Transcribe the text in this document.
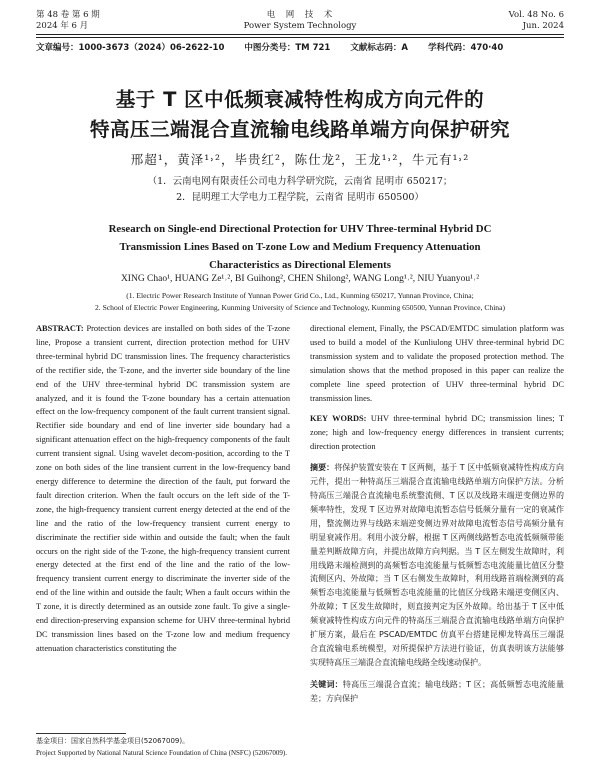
第 48 卷 第 6 期
2024 年 6 月
电　网　技　术
Power System Technology
Vol. 48 No. 6
Jun. 2024
文章编号：1000-3673（2024）06-2622-10 中图分类号：TM 721 文献标志码：A 学科代码：470·40
基于 T 区中低频衰减特性构成方向元件的
特高压三端混合直流输电线路单端方向保护研究
邢超¹，黄泽¹˒²，毕贵红²，陈仕龙²，王龙¹˒²，牛元有¹˒²
（1．云南电网有限责任公司电力科学研究院，云南省 昆明市 650217；
2．昆明理工大学电力工程学院，云南省 昆明市 650500）
Research on Single-end Directional Protection for UHV Three-terminal Hybrid DC
Transmission Lines Based on T-zone Low and Medium Frequency Attenuation
Characteristics as Directional Elements
XING Chao¹, HUANG Ze¹˒², BI Guihong², CHEN Shilong², WANG Long¹˒², NIU Yuanyou¹˒²
(1. Electric Power Research Institute of Yunnan Power Grid Co., Ltd., Kunming 650217, Yunnan Province, China;
2. School of Electric Power Engineering, Kunming University of Science and Technology, Kunming 650500, Yunnan Province, China)

ABSTRACT: Protection devices are installed on both sides of the T-zone line, Propose a transient current, direction protection method for UHV three-terminal hybrid DC transmission lines. The frequency characteristics of the rectifier side, the T-zone, and the inverter side boundary of the line end of the UHV three-terminal hybrid DC transmission system are analyzed, and it is found the T-zone boundary has a certain attenuation effect on the low-frequency component of the fault current transient signal. Rectifier side boundary and end of line inverter side boundary had a significant attenuation effect on the high-frequency components of the fault current transient signal. Using wavelet decom-position, according to the T zone on both sides of the line transient current in the low-frequency band energy difference to determine the direction of the fault, put forward the fault direction criterion. When the fault occurs on the left side of the T-zone, the high-frequency transient current energy detected at the end of the line and the ratio of the low-frequency transient current energy to discriminate the rectifier side within and outside the fault; when the fault occurs on the right side of the T-zone, the high-frequency transient current energy detected at the first end of the line and the ratio of the low-frequency transient current energy to discriminate the inverter side of the end of the line within and outside the fault; When a fault occurs within the T zone, it is directly determined as an outside zone fault. To give a single-end direction-preserving expansion scheme for UHV three-terminal hybrid DC transmission lines based on the T-zone low and medium frequency attenuation characteristics constituting the

directional element, Finally, the PSCAD/EMTDC simulation platform was used to build a model of the Kunliulong UHV three-terminal hybrid DC transmission system and to validate the proposed protection method. The simulation shows that the method proposed in this paper can realize the complete line speed protection of UHV three-terminal hybrid DC transmission lines.

KEY WORDS: UHV three-terminal hybrid DC; transmission lines; T zone; high and low-frequency energy differences in transient currents; direction protection

摘要：将保护装置安装在 T 区两侧，基于 T 区中低频衰减特性构成方向元件，提出一种特高压三端混合直流输电线路单端方向保护方法。分析特高压三端混合直流输电系统整流侧、T 区以及线路末端逆变侧边界的频率特性，发现 T 区边界对故障电流暂态信号低频分量有一定的衰减作用，整流侧边界与线路末端逆变侧边界对故障电流暂态信号高频分量有明显衰减作用。利用小波分解，根据 T 区两侧线路暂态电流低频频带能量差判断故障方向，并提出故障方向判据。当 T 区左侧发生故障时，利用线路末端检测到的高频暂态电流能量与低频暂态电流能量比值区分整流侧区内、外故障；当 T 区右侧发生故障时，利用线路首端检测到的高频暂态电流能量与低频暂态电流能量的比值区分线路末端逆变侧区内、外故障；T 区发生故障时，则直接判定为区外故障。给出基于 T 区中低频衰减特性构成方向元件的特高压三端混合直流输电线路单端方向保护扩展方案，最后在 PSCAD/EMTDC 仿真平台搭建昆柳龙特高压三端混合直流输电系统模型，对所提保护方法进行验证，仿真表明该方法能够实现特高压三端混合直流输电线路全线速动保护。

关键词：特高压三端混合直流；输电线路；T 区；高低频暂态电流能量差；方向保护

基金项目：国家自然科学基金项目(52067009)。
Project Supported by National Natural Science Foundation of China (NSFC) (52067009).
